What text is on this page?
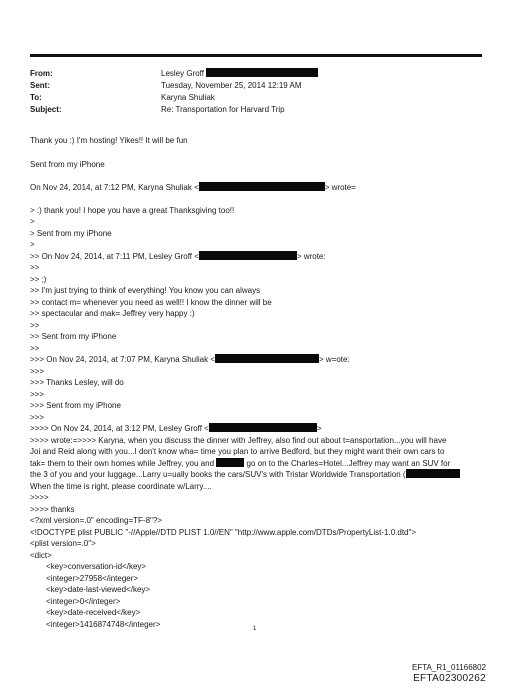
From:	Lesley Groff
Sent:	Tuesday, November 25, 2014 12:19 AM
To:	Karyna Shuliak
Subject:	Re: Transportation for Harvard Trip
Thank you :) I'm hosting! Yikes!! It will be fun
Sent from my iPhone
On Nov 24, 2014, at 7:12 PM, Karyna Shuliak <	> wrote=
> :) thank you! I hope you have a great Thanksgiving too!!
>
> Sent from my iPhone
>
>> On Nov 24, 2014, at 7:11 PM, Lesley Groff <	> wrote:
>>
>> ;)
>> I'm just trying to think of everything! You know you can always
>> contact m= whenever you need as well!! I know the dinner will be
>> spectacular and mak= Jeffrey very happy :)
>>
>> Sent from my iPhone
>>
>>> On Nov 24, 2014, at 7:07 PM, Karyna Shuliak <	> w=ote:
>>>
>>> Thanks Lesley, will do
>>>
>>> Sent from my iPhone
>>>
>>>> On Nov 24, 2014, at 3:12 PM, Lesley Groff <	>
>>>> wrote:=>>>> Karyna, when you discuss the dinner with Jeffrey, also find out about t=ansportation...you will have
Joi and Reid along with you...I don't know wha= time you plan to arrive Bedford, but they might want their own cars to
tak= them to their own homes while Jeffrey, you and	go on to the Charles=Hotel...Jeffrey may want an SUV for
the 3 of you and your luggage...Larry u=ually books the cars/SUV's with Tristar Worldwide Transportation (
When the time is right, please coordinate w/Larry....
>>>>
>>>> thanks
<?xml version=.0" encoding=TF-8"?>
<!DOCTYPE plist PUBLIC "-//Apple//DTD PLIST 1.0//EN" "http://www.apple.com/DTDs/PropertyList-1.0.dtd">
<plist version=.0">
<dict>
<key>conversation-id</key>
<integer>27958</integer>
<key>date-last-viewed</key>
<integer>0</integer>
<key>date-received</key>
<integer>1416874748</integer>	1
EFTA_R1_01166802
EFTA02300262
